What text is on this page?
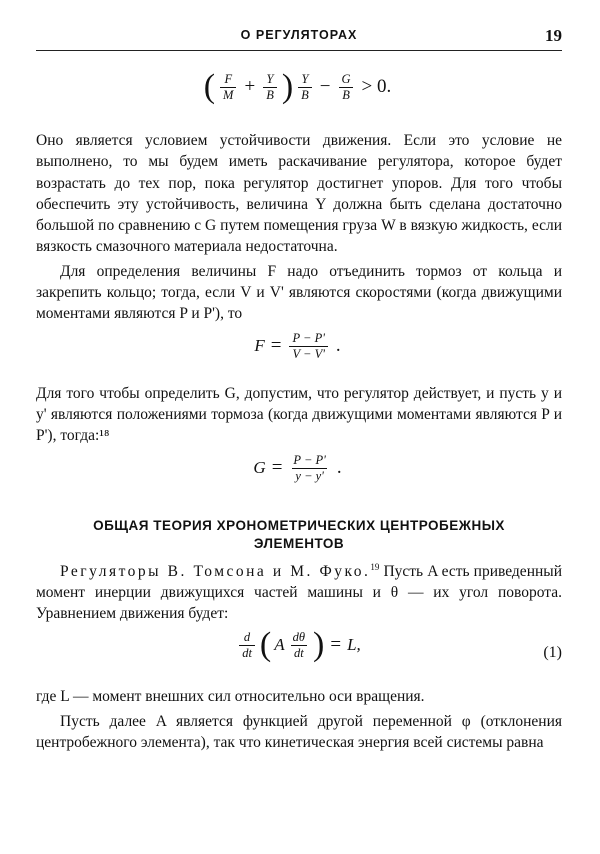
О РЕГУЛЯТОРАХ	19
( $\frac{F}{M} + \frac{Y}{B}$ ) $\frac{Y}{B} - \frac{G}{B} > 0$.

Оно является условием устойчивости движения. Если это условие не выполнено, то мы будем иметь раскачивание регулятора, которое будет возрастать до тех пор, пока регулятор достигнет упоров. Для того чтобы обеспечить эту устойчивость, величина Y должна быть сделана достаточно большой по сравнению с G путем помещения груза W в вязкую жидкость, если вязкость смазочного материала недостаточна.

Для определения величины F надо отъединить тормоз от кольца и закрепить кольцо; тогда, если V и V' являются скоростями (когда движущими моментами являются P и P'), то

$F = \frac{P - P'}{V - V'}$ .

Для того чтобы определить G, допустим, что регулятор действует, и пусть y и y' являются положениями тормоза (когда движущими моментами являются P и P'), тогда:¹⁸

$G = \frac{P - P'}{y - y'}$ .
ОБЩАЯ ТЕОРИЯ ХРОНОМЕТРИЧЕСКИХ ЦЕНТРОБЕЖНЫХ
ЭЛЕМЕНТОВ

Регуляторы В. Томсона и М. Фуко.$^{19}$ Пусть A есть приведенный момент инерции движущихся частей машины и θ — их угол поворота. Уравнением движения будет:

$\frac{d}{dt}$ ( A $\frac{d\theta}{dt}$ ) = L,	(1)

где L — момент внешних сил относительно оси вращения.

Пусть далее A является функцией другой переменной φ (отклонения центробежного элемента), так что кинетическая энергия всей системы равна
